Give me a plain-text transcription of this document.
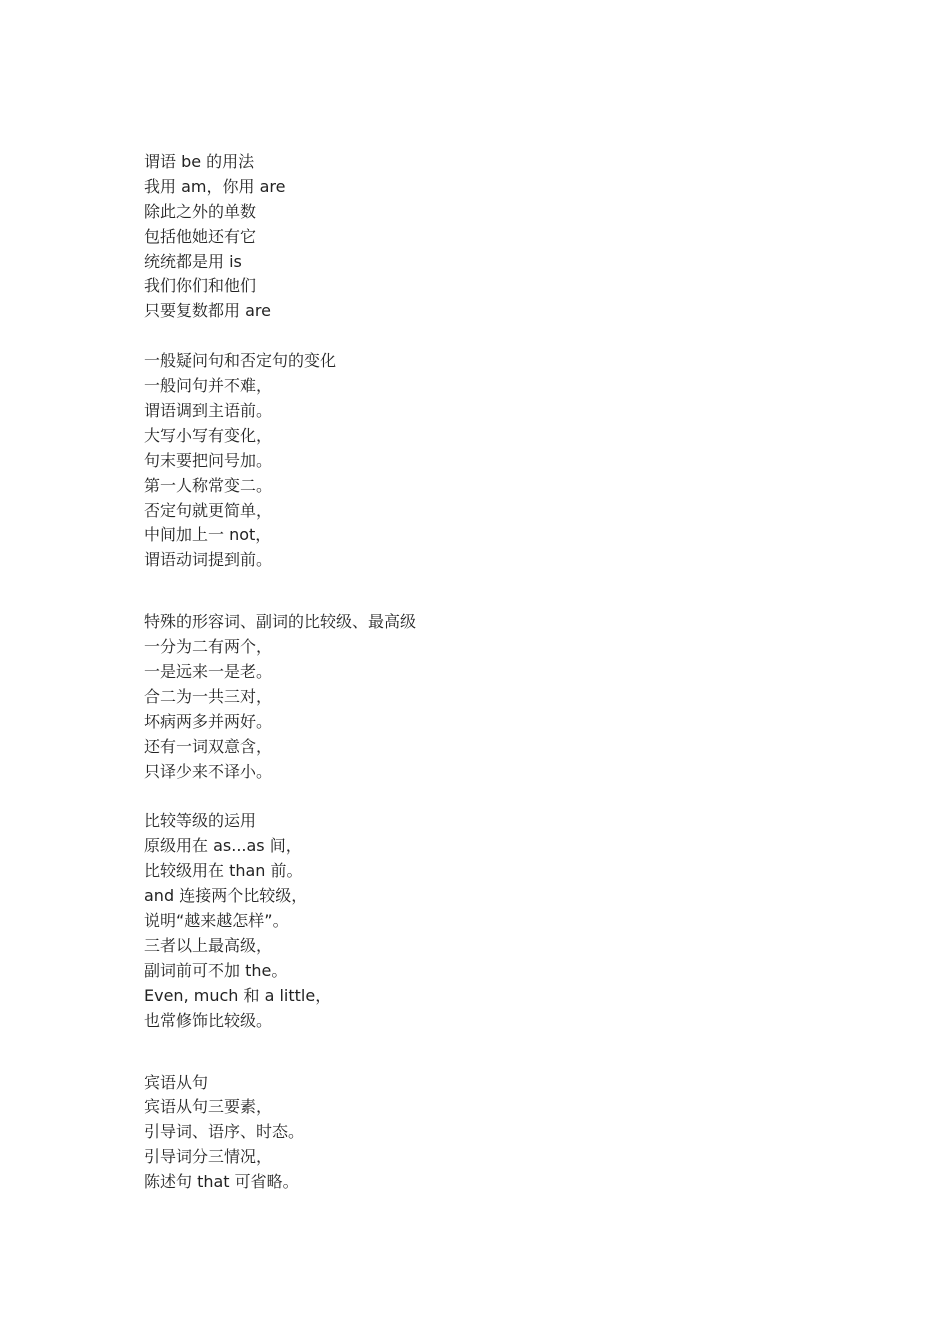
谓语 be 的用法
我用 am，你用 are
除此之外的单数
包括他她还有它
统统都是用 is
我们你们和他们
只要复数都用 are
一般疑问句和否定句的变化
一般问句并不难，
谓语调到主语前。
大写小写有变化，
句末要把问号加。
第一人称常变二。
否定句就更简单，
中间加上一 not，
谓语动词提到前。
特殊的形容词、副词的比较级、最高级
一分为二有两个，
一是远来一是老。
合二为一共三对，
坏病两多并两好。
还有一词双意含，
只译少来不译小。
比较等级的运用
原级用在 as...as 间，
比较级用在 than 前。
and 连接两个比较级，
说明“越来越怎样”。
三者以上最高级，
副词前可不加 the。
Even, much 和 a little，
也常修饰比较级。
宾语从句
宾语从句三要素，
引导词、语序、时态。
引导词分三情况，
陈述句 that 可省略。
